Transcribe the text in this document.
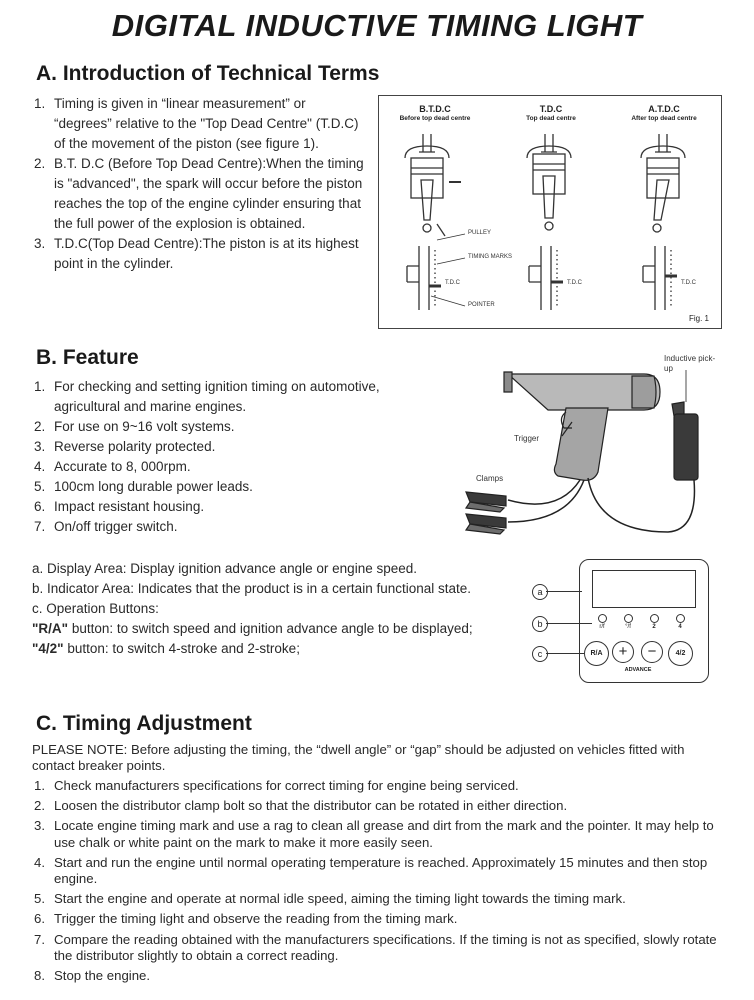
DIGITAL INDUCTIVE TIMING LIGHT
A. Introduction of Technical Terms
1. Timing is given in “linear measurement” or “degrees” relative to the "Top Dead Centre" (T.D.C) of the movement of the piston (see figure 1).
2. B.T. D.C (Before Top Dead Centre):When the timing is "advanced", the spark will occur before the piston reaches the top of the engine cylinder ensuring that the full power of the explosion is obtained.
3. T.D.C(Top Dead Centre):The piston is at its highest point in the cylinder.
B.T.D.C
Before top dead centre
T.D.C
Top dead centre
A.T.D.C
After top dead centre
PULLEY
TIMING MARKS
POINTER
T.D.C	T.D.C	T.D.C
Fig. 1
B. Feature
1. For checking and setting ignition timing on automotive, agricultural and marine engines.
2. For use on 9~16 volt systems.
3. Reverse polarity protected.
4. Accurate to 8, 000rpm.
5. 100cm long durable power leads.
6. Impact resistant housing.
7. On/off trigger switch.
Inductive pick-up
Trigger
Clamps

a. Display Area: Display ignition advance angle or engine speed.

b. Indicator Area: Indicates that the product is in a certain functional state.

c. Operation Buttons:

"R/A" button: to switch speed and ignition advance angle to be displayed;

"4/2" button: to switch 4-stroke and 2-stroke;

a
b
c
r/f	°/f	2	4
R/A	+	−	4/2
ADVANCE
C. Timing Adjustment

PLEASE NOTE: Before adjusting the timing, the “dwell angle” or “gap” should be adjusted on vehicles fitted with contact breaker points.

1. Check manufacturers specifications for correct timing for engine being serviced.
2. Loosen the distributor clamp bolt so that the distributor can be rotated in either direction.
3. Locate engine timing mark and use a rag to clean all grease and dirt from the mark and the pointer. It may help to use chalk or white paint on the mark to make it more easily seen.
4. Start and run the engine until normal operating temperature is reached. Approximately 15 minutes and then stop engine.
5. Start the engine and operate at normal idle speed, aiming the timing light towards the timing mark.
6. Trigger the timing light and observe the reading from the timing mark.
7. Compare the reading obtained with the manufacturers specifications. If the timing is not as specified, slowly rotate the distributor slightly to obtain a correct reading.
8. Stop the engine.
